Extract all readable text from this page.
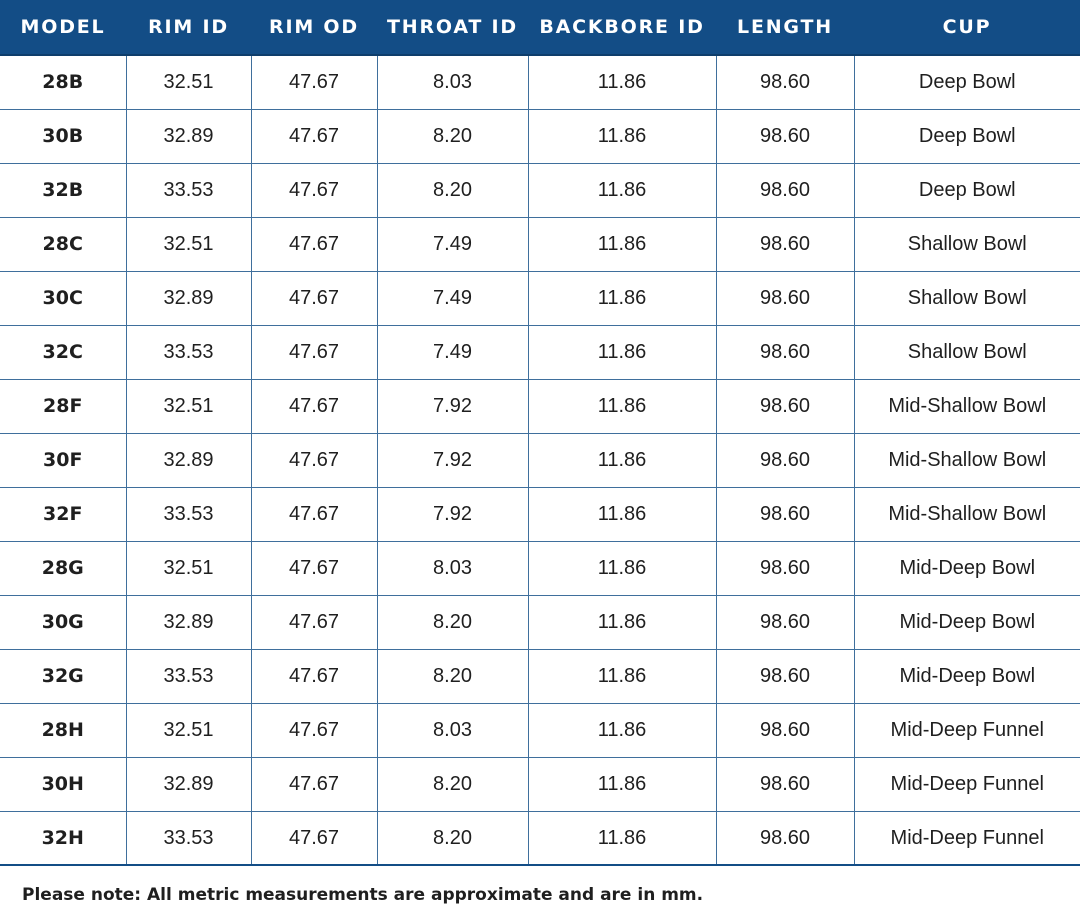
MODEL	RIM ID	RIM OD	THROAT ID	BACKBORE ID	LENGTH	CUP
28B	32.51	47.67	8.03	11.86	98.60	Deep Bowl
30B	32.89	47.67	8.20	11.86	98.60	Deep Bowl
32B	33.53	47.67	8.20	11.86	98.60	Deep Bowl
28C	32.51	47.67	7.49	11.86	98.60	Shallow Bowl
30C	32.89	47.67	7.49	11.86	98.60	Shallow Bowl
32C	33.53	47.67	7.49	11.86	98.60	Shallow Bowl
28F	32.51	47.67	7.92	11.86	98.60	Mid-Shallow Bowl
30F	32.89	47.67	7.92	11.86	98.60	Mid-Shallow Bowl
32F	33.53	47.67	7.92	11.86	98.60	Mid-Shallow Bowl
28G	32.51	47.67	8.03	11.86	98.60	Mid-Deep Bowl
30G	32.89	47.67	8.20	11.86	98.60	Mid-Deep Bowl
32G	33.53	47.67	8.20	11.86	98.60	Mid-Deep Bowl
28H	32.51	47.67	8.03	11.86	98.60	Mid-Deep Funnel
30H	32.89	47.67	8.20	11.86	98.60	Mid-Deep Funnel
32H	33.53	47.67	8.20	11.86	98.60	Mid-Deep Funnel
Please note: All metric measurements are approximate and are in mm.
